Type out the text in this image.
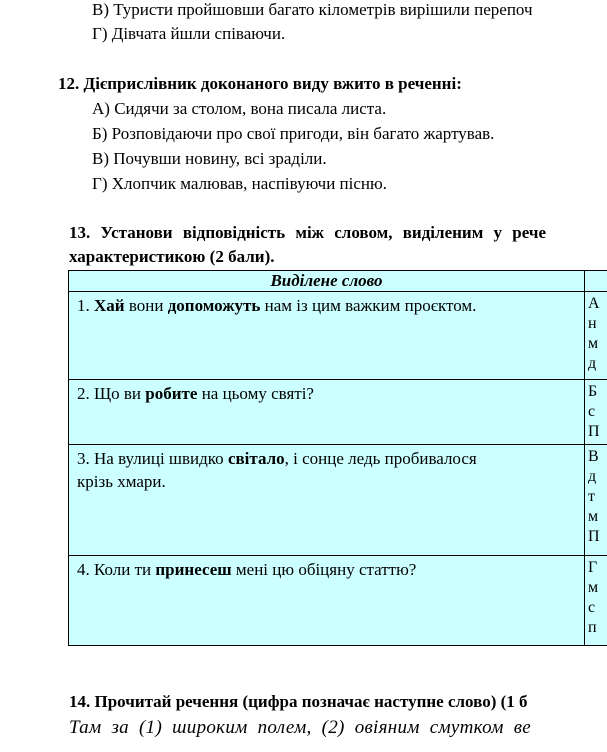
В) Туристи пройшовши багато кілометрів вирішили перепоч
Г) Дівчата йшли співаючи.
12. Дієприслівник доконаного виду вжито в реченні:
А) Сидячи за столом, вона писала листа.
Б) Розповідаючи про свої пригоди, він багато жартував.
В) Почувши новину, всі зраділи.
Г) Хлопчик малював, наспівуючи пісню.
13. Установи відповідність між словом, виділеним у рече
характеристикою (2 бали).
Виділене слово	
1. Хай вони допоможуть нам із цим важким проєктом.	А
н
м
д

2. Що ви робите на цьому святі?	Б
с
П

3. На вулиці швидко світало, і сонце ледь пробивалося
крізь хмари.	В
д
т
м
П

4. Коли ти принесеш мені цю обіцяну статтю?	Г
м
с
п
14. Прочитай речення (цифра позначає наступне слово) (1 б
Там за (1) широким полем, (2) овіяним смутком ве
